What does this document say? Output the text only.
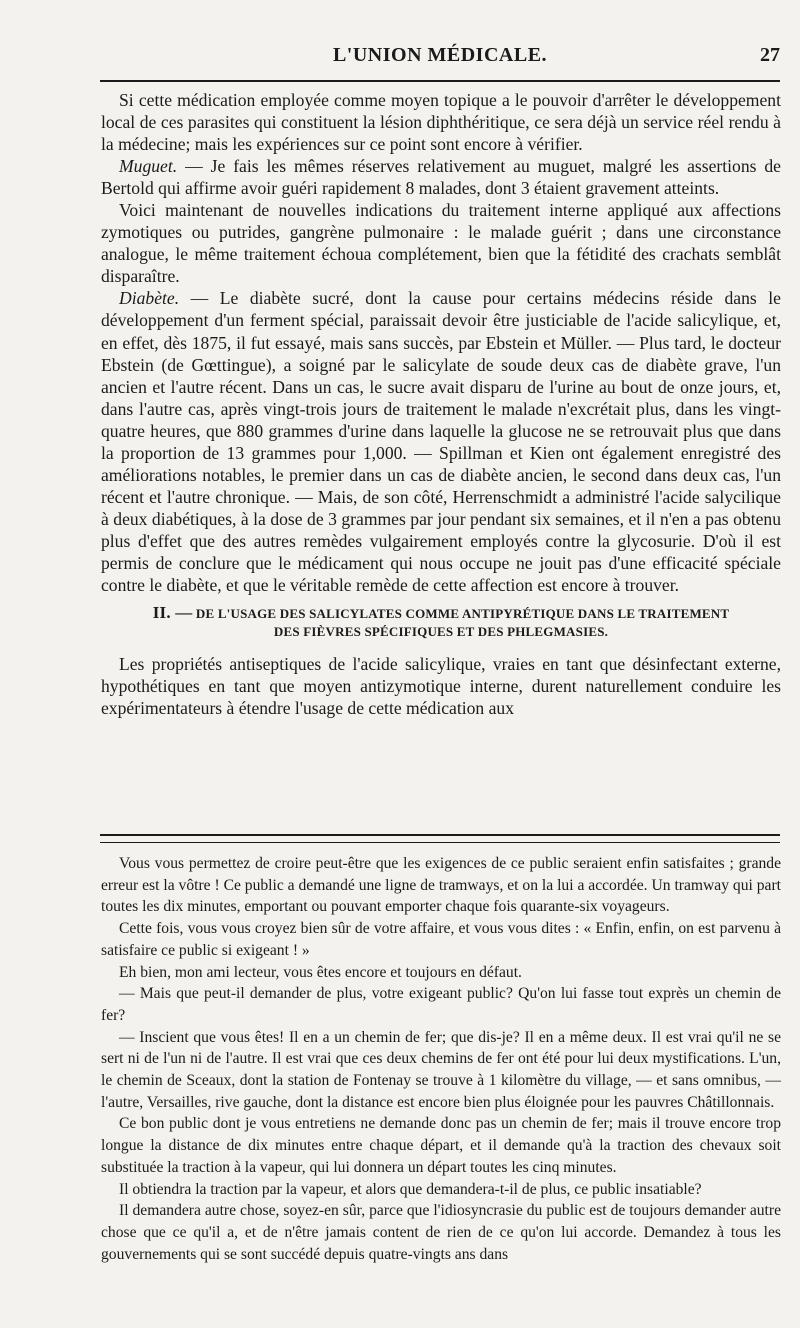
L'UNION MÉDICALE.	27

Si cette médication employée comme moyen topique a le pouvoir d'arrêter le développement local de ces parasites qui constituent la lésion diphthéritique, ce sera déjà un service réel rendu à la médecine; mais les expériences sur ce point sont encore à vérifier.

Muguet. — Je fais les mêmes réserves relativement au muguet, malgré les assertions de Bertold qui affirme avoir guéri rapidement 8 malades, dont 3 étaient gravement atteints.

Voici maintenant de nouvelles indications du traitement interne appliqué aux affections zymotiques ou putrides, gangrène pulmonaire : le malade guérit ; dans une circonstance analogue, le même traitement échoua complétement, bien que la fétidité des crachats semblât disparaître.

Diabète. — Le diabète sucré, dont la cause pour certains médecins réside dans le développement d'un ferment spécial, paraissait devoir être justiciable de l'acide salicylique, et, en effet, dès 1875, il fut essayé, mais sans succès, par Ebstein et Müller. — Plus tard, le docteur Ebstein (de Gœttingue), a soigné par le salicylate de soude deux cas de diabète grave, l'un ancien et l'autre récent. Dans un cas, le sucre avait disparu de l'urine au bout de onze jours, et, dans l'autre cas, après vingt-trois jours de traitement le malade n'excrétait plus, dans les vingt-quatre heures, que 880 grammes d'urine dans laquelle la glucose ne se retrouvait plus que dans la proportion de 13 grammes pour 1,000. — Spillman et Kien ont également enregistré des améliorations notables, le premier dans un cas de diabète ancien, le second dans deux cas, l'un récent et l'autre chronique. — Mais, de son côté, Herrenschmidt a administré l'acide salycilique à deux diabétiques, à la dose de 3 grammes par jour pendant six semaines, et il n'en a pas obtenu plus d'effet que des autres remèdes vulgairement employés contre la glycosurie. D'où il est permis de conclure que le médicament qui nous occupe ne jouit pas d'une efficacité spéciale contre le diabète, et que le véritable remède de cette affection est encore à trouver.

II. — DE L'USAGE DES SALICYLATES COMME ANTIPYRÉTIQUE DANS LE TRAITEMENT
DES FIÈVRES SPÉCIFIQUES ET DES PHLEGMASIES.

Les propriétés antiseptiques de l'acide salicylique, vraies en tant que désinfectant externe, hypothétiques en tant que moyen antizymotique interne, durent naturellement conduire les expérimentateurs à étendre l'usage de cette médication aux

Vous vous permettez de croire peut-être que les exigences de ce public seraient enfin satisfaites ; grande erreur est la vôtre ! Ce public a demandé une ligne de tramways, et on la lui a accordée. Un tramway qui part toutes les dix minutes, emportant ou pouvant emporter chaque fois quarante-six voyageurs.

Cette fois, vous vous croyez bien sûr de votre affaire, et vous vous dites : « Enfin, enfin, on est parvenu à satisfaire ce public si exigeant ! »

Eh bien, mon ami lecteur, vous êtes encore et toujours en défaut.

— Mais que peut-il demander de plus, votre exigeant public? Qu'on lui fasse tout exprès un chemin de fer?

— Inscient que vous êtes! Il en a un chemin de fer; que dis-je? Il en a même deux. Il est vrai qu'il ne se sert ni de l'un ni de l'autre. Il est vrai que ces deux chemins de fer ont été pour lui deux mystifications. L'un, le chemin de Sceaux, dont la station de Fontenay se trouve à 1 kilomètre du village, — et sans omnibus, — l'autre, Versailles, rive gauche, dont la distance est encore bien plus éloignée pour les pauvres Châtillonnais.

Ce bon public dont je vous entretiens ne demande donc pas un chemin de fer; mais il trouve encore trop longue la distance de dix minutes entre chaque départ, et il demande qu'à la traction des chevaux soit substituée la traction à la vapeur, qui lui donnera un départ toutes les cinq minutes.

Il obtiendra la traction par la vapeur, et alors que demandera-t-il de plus, ce public insatiable?

Il demandera autre chose, soyez-en sûr, parce que l'idiosyncrasie du public est de toujours demander autre chose que ce qu'il a, et de n'être jamais content de rien de ce qu'on lui accorde. Demandez à tous les gouvernements qui se sont succédé depuis quatre-vingts ans dans
